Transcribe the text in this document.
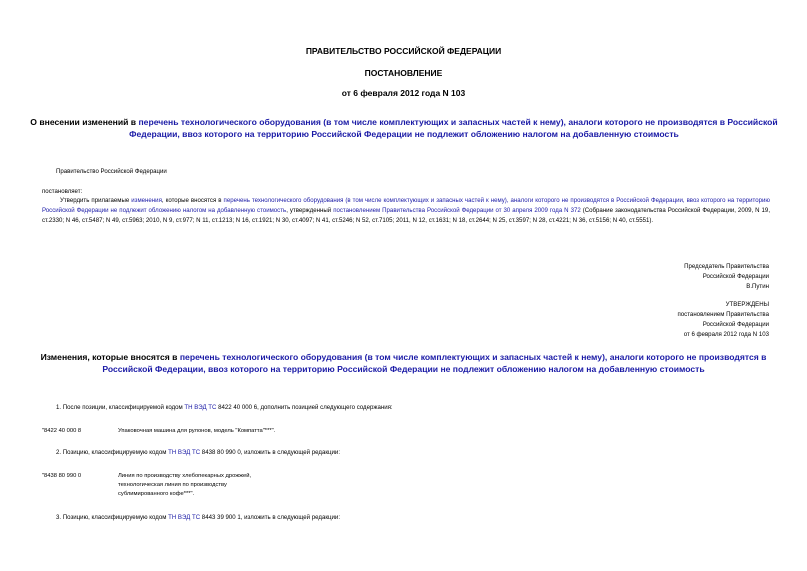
ПРАВИТЕЛЬСТВО РОССИЙСКОЙ ФЕДЕРАЦИИ
ПОСТАНОВЛЕНИЕ
от 6 февраля 2012 года N 103
О внесении изменений в перечень технологического оборудования (в том числе комплектующих и запасных частей к нему), аналоги которого не производятся в Российской Федерации, ввоз которого на территорию Российской Федерации не подлежит обложению налогом на добавленную стоимость
Правительство Российской Федерации
постановляет:
Утвердить прилагаемые изменения, которые вносятся в перечень технологического оборудования (в том числе комплектующих и запасных частей к нему), аналоги которого не производятся в Российской Федерации, ввоз которого на территорию Российской Федерации не подлежит обложению налогом на добавленную стоимость, утвержденный постановлением Правительства Российской Федерации от 30 апреля 2009 года N 372 (Собрание законодательства Российской Федерации, 2009, N 19, ст.2330; N 46, ст.5487; N 49, ст.5963; 2010, N 9, ст.977; N 11, ст.1213; N 16, ст.1921; N 30, ст.4097; N 41, ст.5246; N 52, ст.7105; 2011, N 12, ст.1631; N 18, ст.2644; N 25, ст.3597; N 28, ст.4221; N 36, ст.5156; N 40, ст.5551).
Председатель Правительства
Российской Федерации
В.Путин
УТВЕРЖДЕНЫ
постановлением Правительства
Российской Федерации
от 6 февраля 2012 года N 103
Изменения, которые вносятся в перечень технологического оборудования (в том числе комплектующих и запасных частей к нему), аналоги которого не производятся в Российской Федерации, ввоз которого на территорию Российской Федерации не подлежит обложению налогом на добавленную стоимость
1. После позиции, классифицируемой кодом ТН ВЭД ТС 8422 40 000 6, дополнить позицией следующего содержания:
"8422 40 000 8	Упаковочная машина для рулонов, модель "Компатта"***".
2. Позицию, классифицируемую кодом ТН ВЭД ТС 8438 80 990 0, изложить в следующей редакции:
"8438 80 990 0	Линия по производству хлебопекарных дрожжей,
технологическая линия по производству
сублимированного кофе***".
3. Позицию, классифицируемую кодом ТН ВЭД ТС 8443 39 900 1, изложить в следующей редакции:
